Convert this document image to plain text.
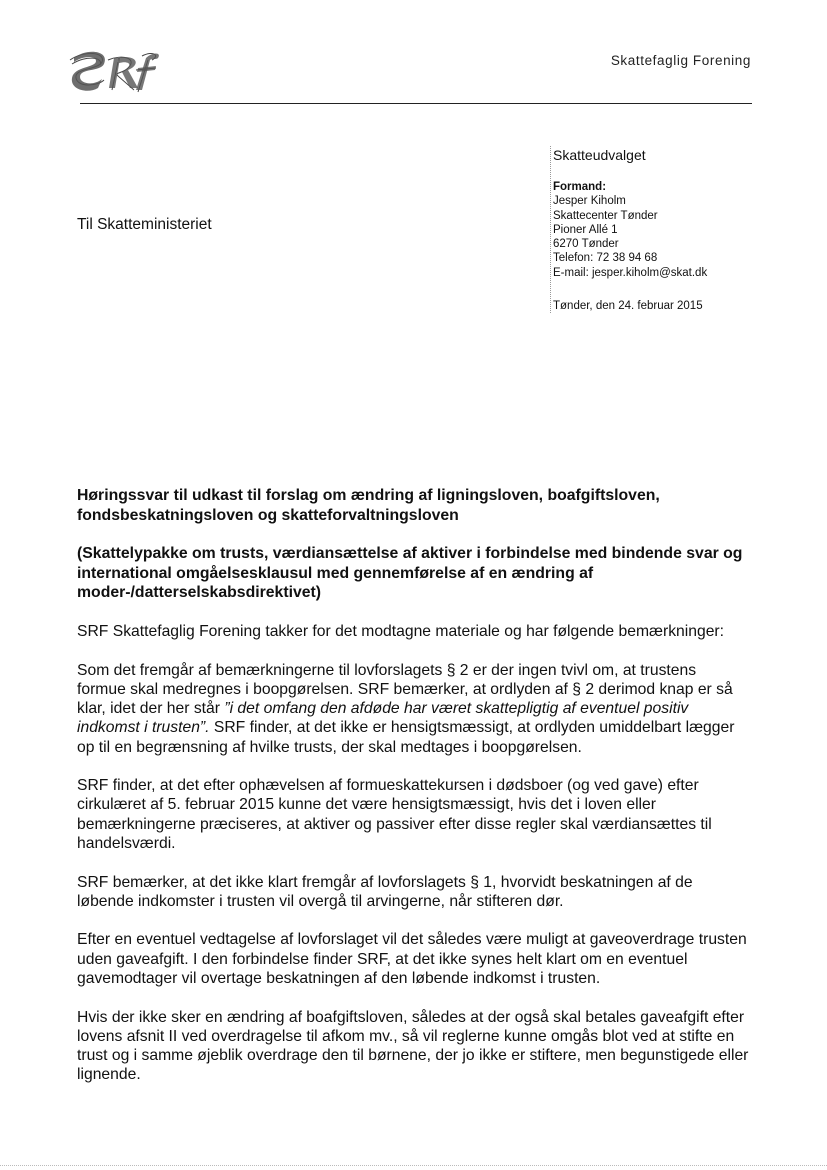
Skattefaglig Forening
Til Skatteministeriet
Skatteudvalget
Formand:
Jesper Kiholm
Skattecenter Tønder
Pioner Allé 1
6270 Tønder
Telefon: 72 38 94 68
E-mail: jesper.kiholm@skat.dk
Tønder, den 24. februar 2015
Høringssvar til udkast til forslag om ændring af ligningsloven, boafgiftsloven, fondsbeskatningsloven og skatteforvaltningsloven
(Skattelypakke om trusts, værdiansættelse af aktiver i forbindelse med bindende svar og international omgåelsesklausul med gennemførelse af en ændring af moder-/datterselskabsdirektivet)

SRF Skattefaglig Forening takker for det modtagne materiale og har følgende bemærkninger:

Som det fremgår af bemærkningerne til lovforslagets § 2 er der ingen tvivl om, at trustens formue skal medregnes i boopgørelsen. SRF bemærker, at ordlyden af § 2 derimod knap er så klar, idet der her står ”i det omfang den afdøde har været skattepligtig af eventuel positiv indkomst i trusten”. SRF finder, at det ikke er hensigtsmæssigt, at ordlyden umiddelbart lægger op til en begrænsning af hvilke trusts, der skal medtages i boopgørelsen.

SRF finder, at det efter ophævelsen af formueskattekursen i dødsboer (og ved gave) efter cirkulæret af 5. februar 2015 kunne det være hensigtsmæssigt, hvis det i loven eller bemærkningerne præciseres, at aktiver og passiver efter disse regler skal værdiansættes til handelsværdi.

SRF bemærker, at det ikke klart fremgår af lovforslagets § 1, hvorvidt beskatningen af de løbende indkomster i trusten vil overgå til arvingerne, når stifteren dør.

Efter en eventuel vedtagelse af lovforslaget vil det således være muligt at gaveoverdrage trusten uden gaveafgift. I den forbindelse finder SRF, at det ikke synes helt klart om en eventuel gavemodtager vil overtage beskatningen af den løbende indkomst i trusten.

Hvis der ikke sker en ændring af boafgiftsloven, således at der også skal betales gaveafgift efter lovens afsnit II ved overdragelse til afkom mv., så vil reglerne kunne omgås blot ved at stifte en trust og i samme øjeblik overdrage den til børnene, der jo ikke er stiftere, men begunstigede eller lignende.
